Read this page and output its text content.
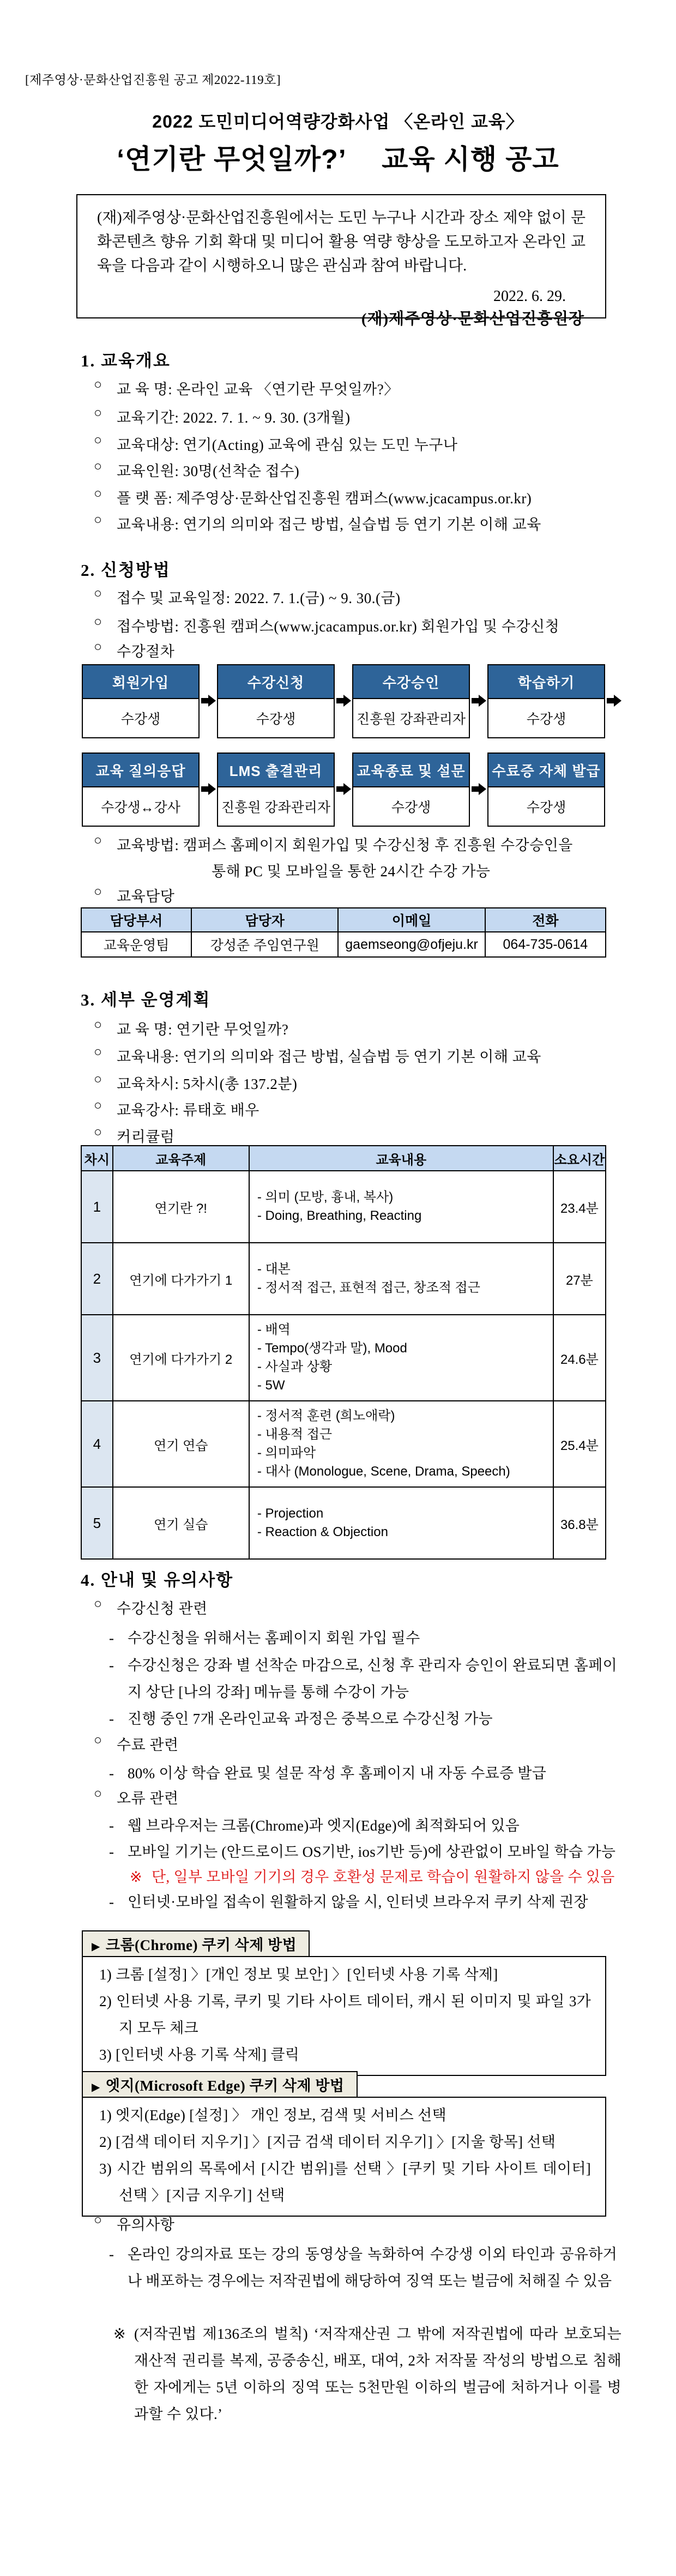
[제주영상·문화산업진흥원 공고 제2022-119호]
2022 도민미디어역량강화사업 〈온라인 교육〉
‘연기란 무엇일까?’　 교육 시행 공고
(재)제주영상·문화산업진흥원에서는 도민 누구나 시간과 장소 제약 없이 문화콘텐츠 향유 기회 확대 및 미디어 활용 역량 향상을 도모하고자 온라인 교육을 다음과 같이 시행하오니 많은 관심과 참여 바랍니다.
2022. 6. 29.
(재)제주영상·문화산업진흥원장
1. 교육개요
○ 교 육 명: 온라인 교육 〈연기란 무엇일까?〉
○ 교육기간: 2022. 7. 1. ~ 9. 30. (3개월)
○ 교육대상: 연기(Acting) 교육에 관심 있는 도민 누구나
○ 교육인원: 30명(선착순 접수)
○ 플 랫 폼: 제주영상·문화산업진흥원 캠퍼스(www.jcacampus.or.kr)
○ 교육내용: 연기의 의미와 접근 방법, 실습법 등 연기 기본 이해 교육
2. 신청방법
○ 접수 및 교육일정: 2022. 7. 1.(금) ~ 9. 30.(금)
○ 접수방법: 진흥원 캠퍼스(www.jcacampus.or.kr) 회원가입 및 수강신청
○ 수강절차
회원가입
수강생
수강신청
수강생
수강승인
진흥원 강좌관리자
학습하기
수강생
교육 질의응답
수강생↔강사
LMS 출결관리
진흥원 강좌관리자
교육종료 및 설문
수강생
수료증 자체 발급
수강생
○ 교육방법: 캠퍼스 홈페이지 회원가입 및 수강신청 후 진흥원 수강승인을
통해 PC 및 모바일을 통한 24시간 수강 가능
○ 교육담당
담당부서	담당자	이메일	전화
교육운영팀	강성준 주임연구원	gaemseong@ofjeju.kr	064-735-0614
3. 세부 운영계획
○ 교 육 명: 연기란 무엇일까?
○ 교육내용: 연기의 의미와 접근 방법, 실습법 등 연기 기본 이해 교육
○ 교육차시: 5차시(총 137.2분)
○ 교육강사: 류태호 배우
○ 커리큘럼
차시	교육주제	교육내용	소요시간
1	연기란 ?!	- 의미 (모방, 흉내, 복사)
- Doing, Breathing, Reacting	23.4분
2	연기에 다가가기 1	- 대본
- 정서적 접근, 표현적 접근, 창조적 접근	27분
3	연기에 다가가기 2	- 배역
- Tempo(생각과 말), Mood
- 사실과 상황
- 5W	24.6분
4	연기 연습	- 정서적 훈련 (희노애락)
- 내용적 접근
- 의미파악
- 대사 (Monologue, Scene, Drama, Speech)	25.4분
5	연기 실습	- Projection
- Reaction & Objection	36.8분
4. 안내 및 유의사항
○ 수강신청 관련
- 수강신청을 위해서는 홈페이지 회원 가입 필수
- 수강신청은 강좌 별 선착순 마감으로, 신청 후 관리자 승인이 완료되면 홈페이지 상단 [나의 강좌] 메뉴를 통해 수강이 가능
- 진행 중인 7개 온라인교육 과정은 중복으로 수강신청 가능
○ 수료 관련
- 80% 이상 학습 완료 및 설문 작성 후 홈페이지 내 자동 수료증 발급
○ 오류 관련
- 웹 브라우저는 크롬(Chrome)과 엣지(Edge)에 최적화되어 있음
- 모바일 기기는 (안드로이드 OS기반, ios기반 등)에 상관없이 모바일 학습 가능
※ 단, 일부 모바일 기기의 경우 호환성 문제로 학습이 원활하지 않을 수 있음
- 인터넷·모바일 접속이 원활하지 않을 시, 인터넷 브라우저 쿠키 삭제 권장
▶ 크롬(Chrome) 쿠키 삭제 방법
1) 크롬 [설정] 〉[개인 정보 및 보안] 〉[인터넷 사용 기록 삭제]
2) 인터넷 사용 기록, 쿠키 및 기타 사이트 데이터, 캐시 된 이미지 및 파일 3가지 모두 체크
3) [인터넷 사용 기록 삭제] 클릭
▶ 엣지(Microsoft Edge) 쿠키 삭제 방법
1) 엣지(Edge) [설정] 〉 개인 정보, 검색 및 서비스 선택
2) [검색 데이터 지우기] 〉[지금 검색 데이터 지우기] 〉[지울 항목] 선택
3) 시간 범위의 목록에서 [시간 범위]를 선택 〉[쿠키 및 기타 사이트 데이터] 선택 〉[지금 지우기] 선택
○ 유의사항
- 온라인 강의자료 또는 강의 동영상을 녹화하여 수강생 이외 타인과 공유하거나 배포하는 경우에는 저작권법에 해당하여 징역 또는 벌금에 처해질 수 있음
※ (저작권법 제136조의 벌칙) ‘저작재산권 그 밖에 저작권법에 따라 보호되는 재산적 권리를 복제, 공중송신, 배포, 대여, 2차 저작물 작성의 방법으로 침해한 자에게는 5년 이하의 징역 또는 5천만원 이하의 벌금에 처하거나 이를 병과할 수 있다.’
